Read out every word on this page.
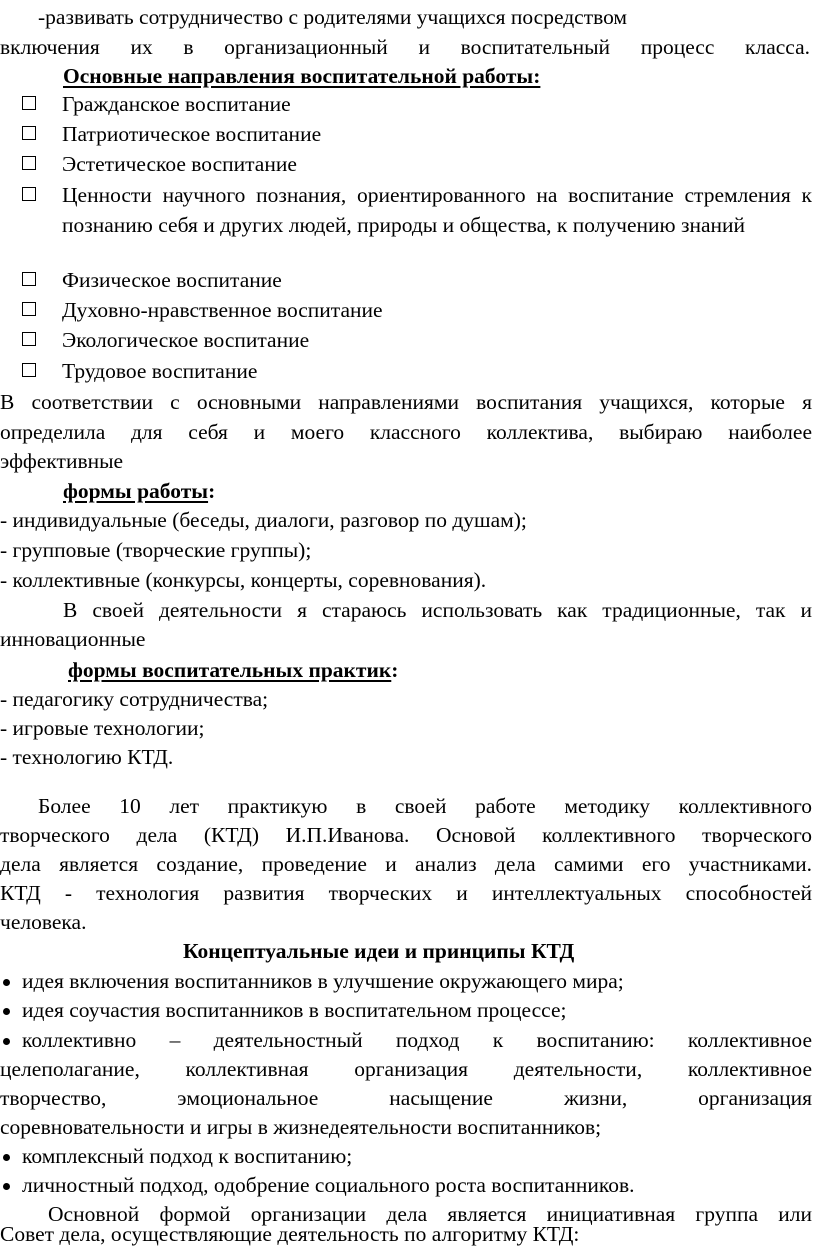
-развивать сотрудничество с родителями учащихся посредством
включения их в организационный и воспитательный процесс класса.
Основные направления воспитательной работы:
Гражданское воспитание
Патриотическое воспитание
Эстетическое воспитание
Ценности научного познания, ориентированного на воспитание стремления к познанию себя и других людей, природы и общества, к получению знаний
Физическое воспитание
Духовно-нравственное воспитание
Экологическое воспитание
Трудовое воспитание
В соответствии с основными направлениями воспитания учащихся, которые я
определила для себя и моего классного коллектива, выбираю наиболее
эффективные
формы работы:
- индивидуальные (беседы, диалоги, разговор по душам);
- групповые (творческие группы);
- коллективные (конкурсы, концерты, соревнования).
В своей деятельности я стараюсь использовать как традиционные, так и
инновационные
формы воспитательных практик:
- педагогику сотрудничества;
- игровые технологии;
- технологию КТД.
Более 10 лет практикую в своей работе методику коллективного
творческого дела (КТД) И.П.Иванова. Основой коллективного творческого
дела является создание, проведение и анализ дела самими его участниками.
КТД - технология развития творческих и интеллектуальных способностей
человека.
Концептуальные идеи и принципы КТД
идея включения воспитанников в улучшение окружающего мира;
идея соучастия воспитанников в воспитательном процессе;
коллективно – деятельностный подход к воспитанию: коллективное
целеполагание, коллективная организация деятельности, коллективное
творчество, эмоциональное насыщение жизни, организация
соревновательности и игры в жизнедеятельности воспитанников;
комплексный подход к воспитанию;
личностный подход, одобрение социального роста воспитанников.
Основной формой организации дела является инициативная группа или
Совет дела, осуществляющие деятельность по алгоритму КТД:
